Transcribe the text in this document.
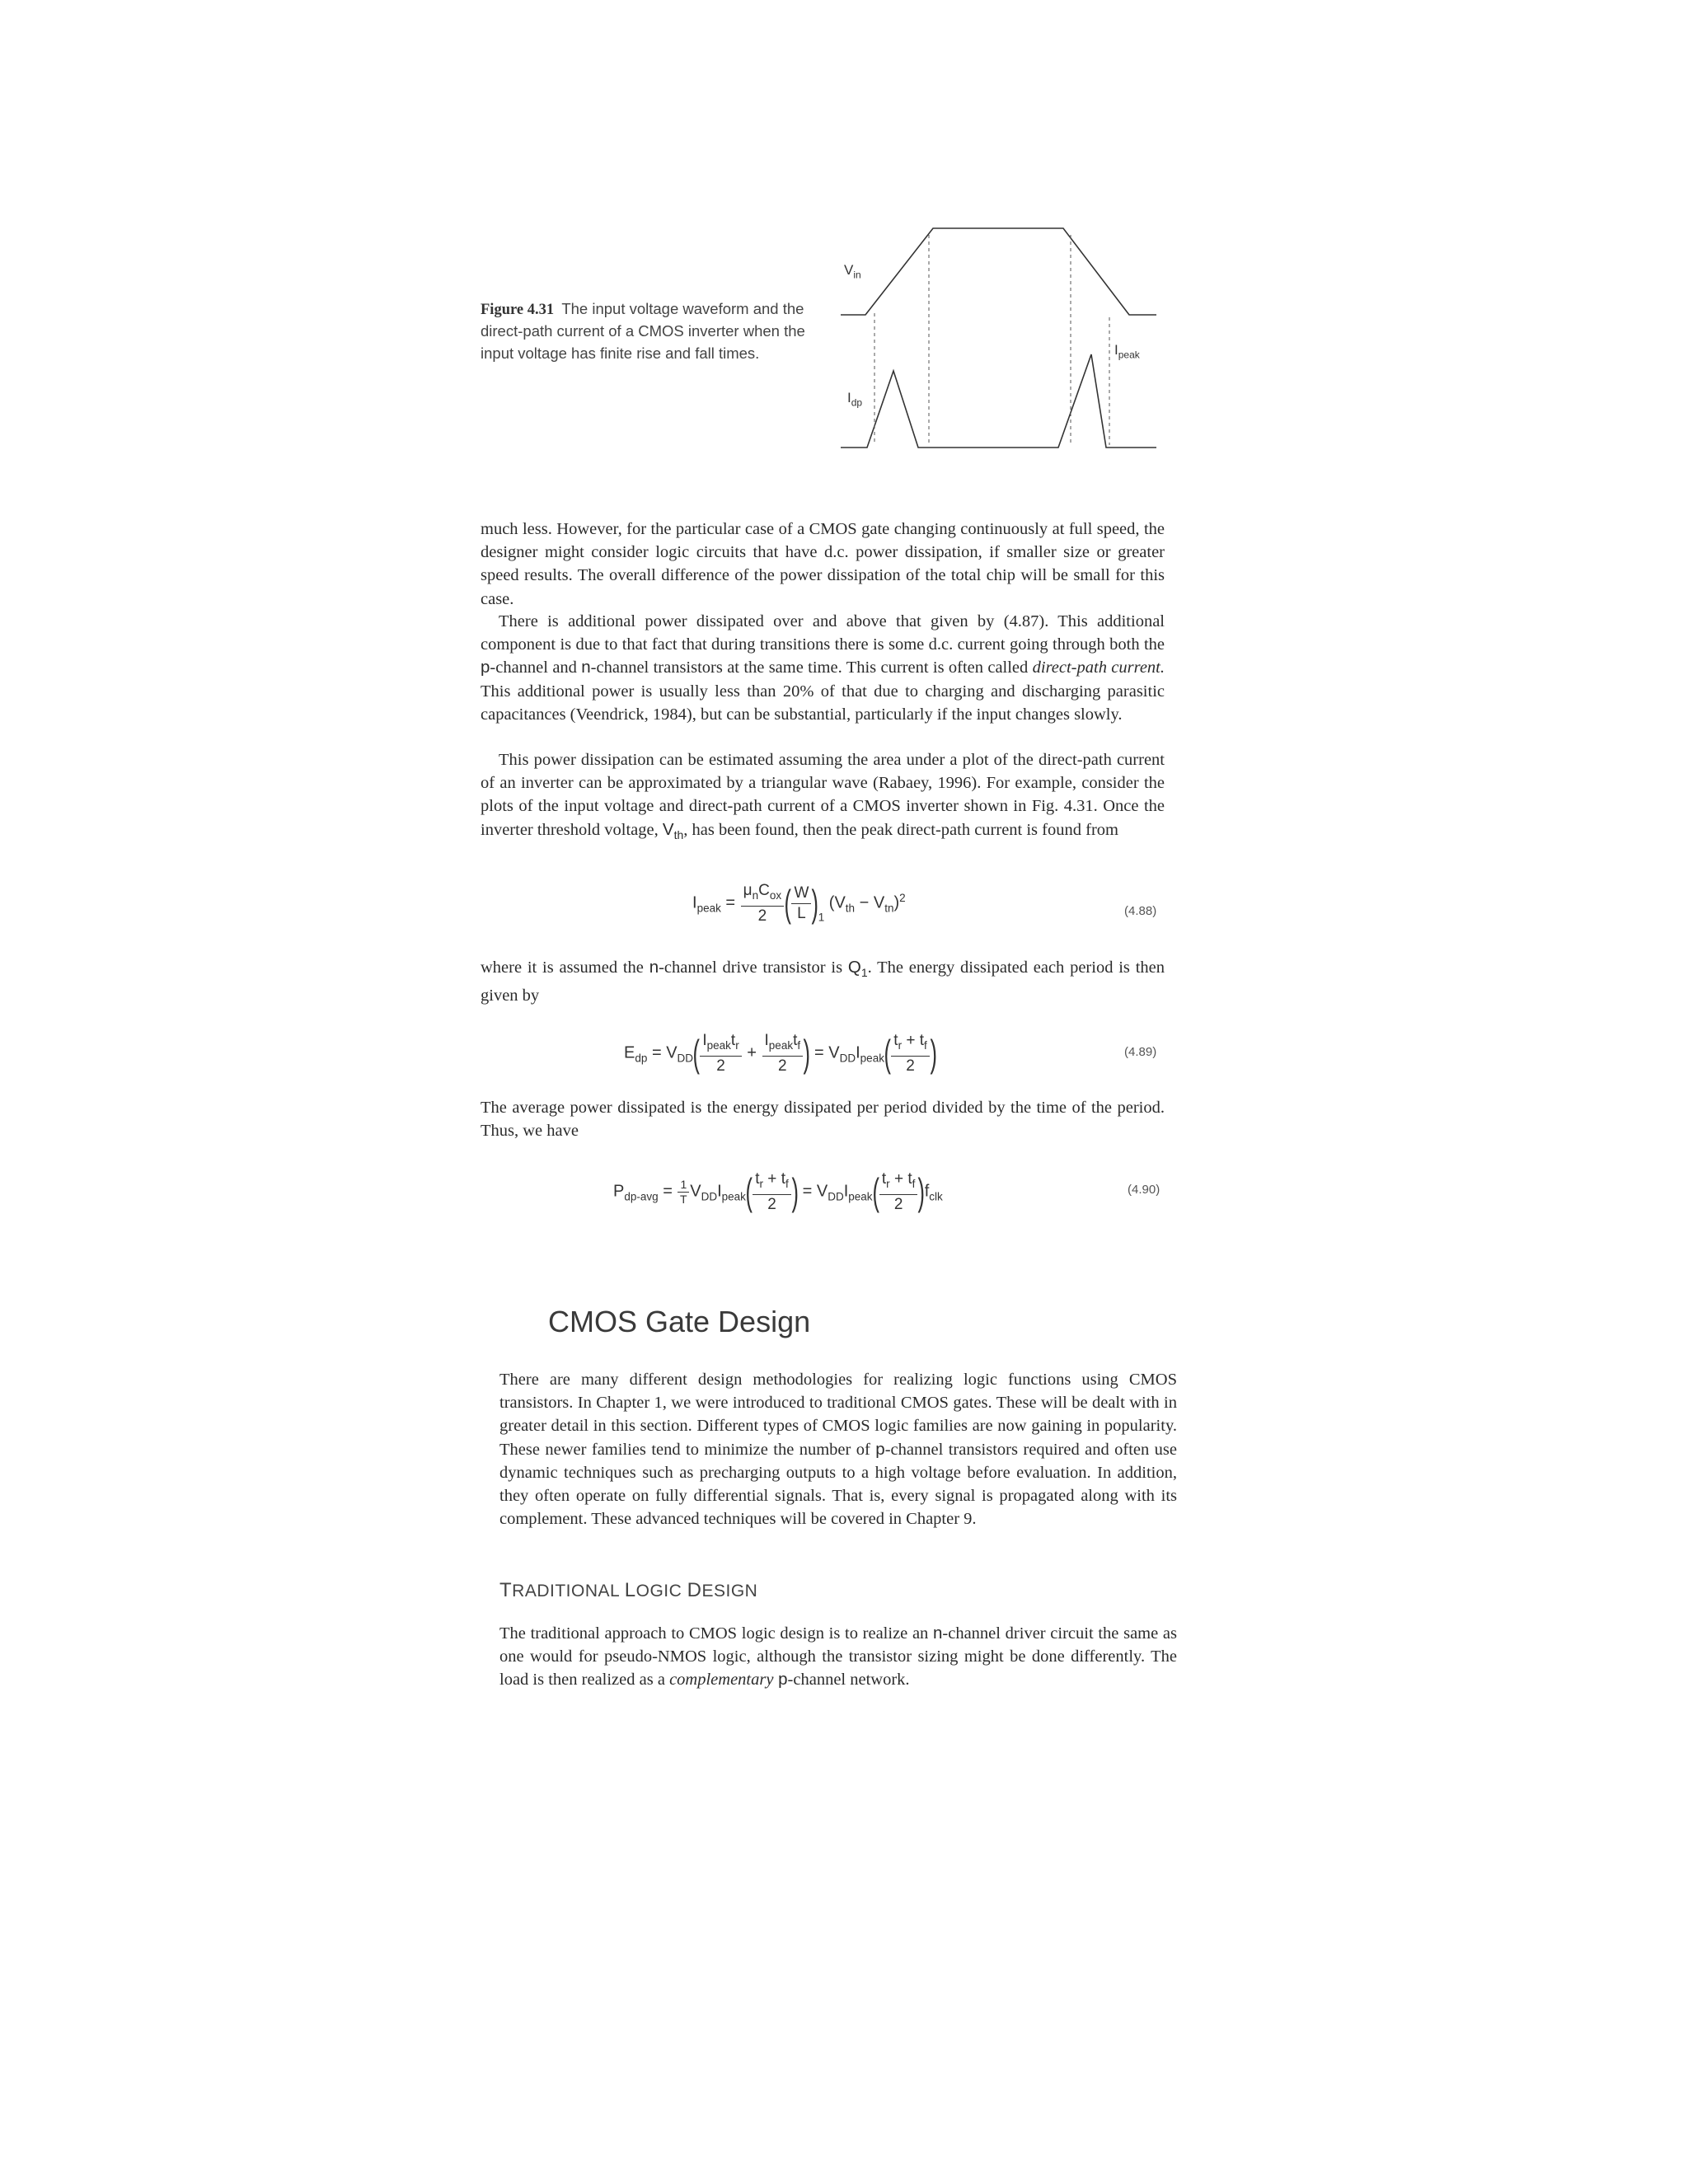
Figure 4.31 The input voltage waveform and the direct-path current of a CMOS inverter when the input voltage has finite rise and fall times.
$V_{in}$
$I_{dp}$
$I_{peak}$
much less. However, for the particular case of a CMOS gate changing continuously at full speed, the designer might consider logic circuits that have d.c. power dissipation, if smaller size or greater speed results. The overall difference of the power dissipation of the total chip will be small for this case.
There is additional power dissipated over and above that given by (4.87). This additional component is due to that fact that during transitions there is some d.c. current going through both the p-channel and n-channel transistors at the same time. This current is often called direct-path current. This additional power is usually less than 20% of that due to charging and discharging parasitic capacitances (Veendrick, 1984), but can be substantial, particularly if the input changes slowly.
This power dissipation can be estimated assuming the area under a plot of the direct-path current of an inverter can be approximated by a triangular wave (Rabaey, 1996). For example, consider the plots of the input voltage and direct-path current of a CMOS inverter shown in Fig. 4.31. Once the inverter threshold voltage, $V_{th}$, has been found, then the peak direct-path current is found from
$I_{peak} = \frac{\mu_nC_{ox}}{2}$ ( $\frac{W}{L} )_1$ $(V_{th} - V_{tn})^2$
(4.88)
where it is assumed the n-channel drive transistor is $Q_1$. The energy dissipated each period is then given by
$E_{dp} = V_{DD}( \frac{I_{peak}t_r}{2} + \frac{I_{peak}t_f}{2}$ ) = $V_{DD}I_{peak}( \frac{t_r + t_f}{2}$ )	(4.89)
The average power dissipated is the energy dissipated per period divided by the time of the period. Thus, we have
$P_{dp-avg} = \frac{1}{T} V_{DD}I_{peak}( \frac{t_r + t_f}{2}$ ) = $V_{DD}I_{peak}( \frac{t_r + t_f}{2} )f_{clk}$
(4.90)
CMOS Gate Design
There are many different design methodologies for realizing logic functions using CMOS transistors. In Chapter 1, we were introduced to traditional CMOS gates. These will be dealt with in greater detail in this section. Different types of CMOS logic families are now gaining in popularity. These newer families tend to minimize the number of p-channel transistors required and often use dynamic techniques such as precharging outputs to a high voltage before evaluation. In addition, they often operate on fully differential signals. That is, every signal is propagated along with its complement. These advanced techniques will be covered in Chapter 9.
TRADITIONAL LOGIC DESIGN
The traditional approach to CMOS logic design is to realize an n-channel driver circuit the same as one would for pseudo-NMOS logic, although the transistor sizing might be done differently. The load is then realized as a complementary p-channel network.
